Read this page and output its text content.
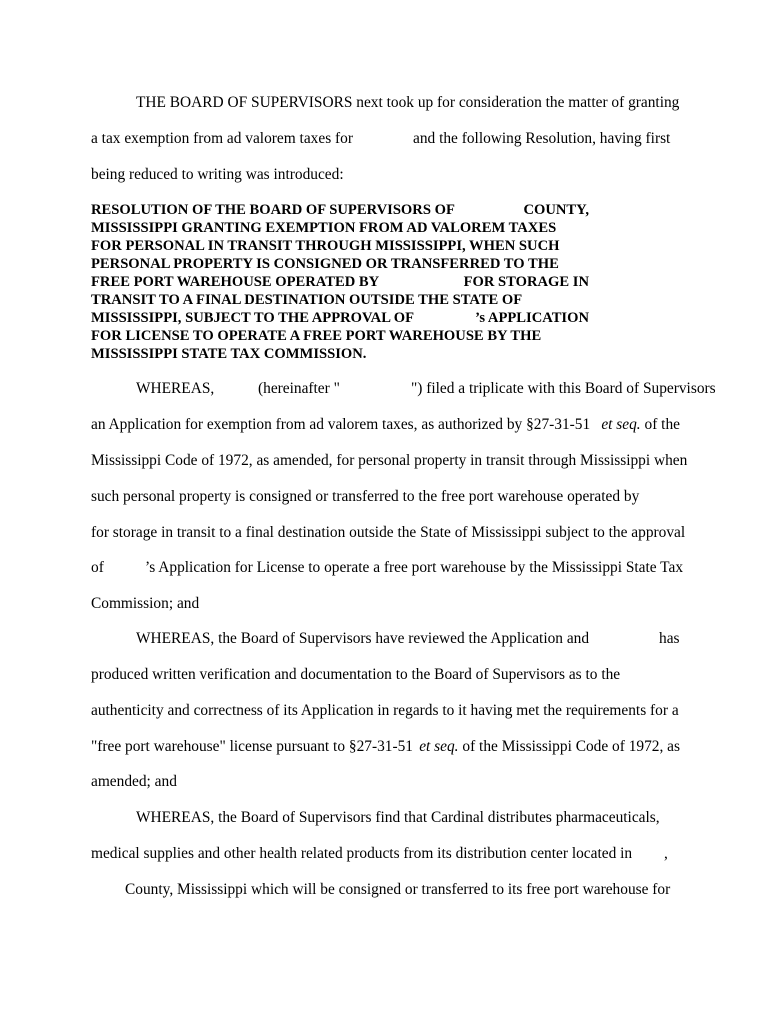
THE BOARD OF SUPERVISORS next took up for consideration the matter of granting
a tax exemption from ad valorem taxes for	and the following Resolution, having first
being reduced to writing was introduced:
RESOLUTION OF THE BOARD OF SUPERVISORS OF	COUNTY,
MISSISSIPPI GRANTING EXEMPTION FROM AD VALOREM TAXES
FOR PERSONAL IN TRANSIT THROUGH MISSISSIPPI, WHEN SUCH
PERSONAL PROPERTY IS CONSIGNED OR TRANSFERRED TO THE
FREE PORT WAREHOUSE OPERATED BY	FOR STORAGE IN
TRANSIT TO A FINAL DESTINATION OUTSIDE THE STATE OF
MISSISSIPPI, SUBJECT TO THE APPROVAL OF	’s APPLICATION
FOR LICENSE TO OPERATE A FREE PORT WAREHOUSE BY THE
MISSISSIPPI STATE TAX COMMISSION.
WHEREAS,	(hereinafter "	") filed a triplicate with this Board of Supervisors
an Application for exemption from ad valorem taxes, as authorized by §27-31-51 et seq. of the
Mississippi Code of 1972, as amended, for personal property in transit through Mississippi when
such personal property is consigned or transferred to the free port warehouse operated by
for storage in transit to a final destination outside the State of Mississippi subject to the approval
of	’s Application for License to operate a free port warehouse by the Mississippi State Tax
Commission; and
WHEREAS, the Board of Supervisors have reviewed the Application and	has
produced written verification and documentation to the Board of Supervisors as to the
authenticity and correctness of its Application in regards to it having met the requirements for a
"free port warehouse" license pursuant to §27-31-51 et seq. of the Mississippi Code of 1972, as
amended; and
WHEREAS, the Board of Supervisors find that Cardinal distributes pharmaceuticals,
medical supplies and other health related products from its distribution center located in ,
County, Mississippi which will be consigned or transferred to its free port warehouse for
